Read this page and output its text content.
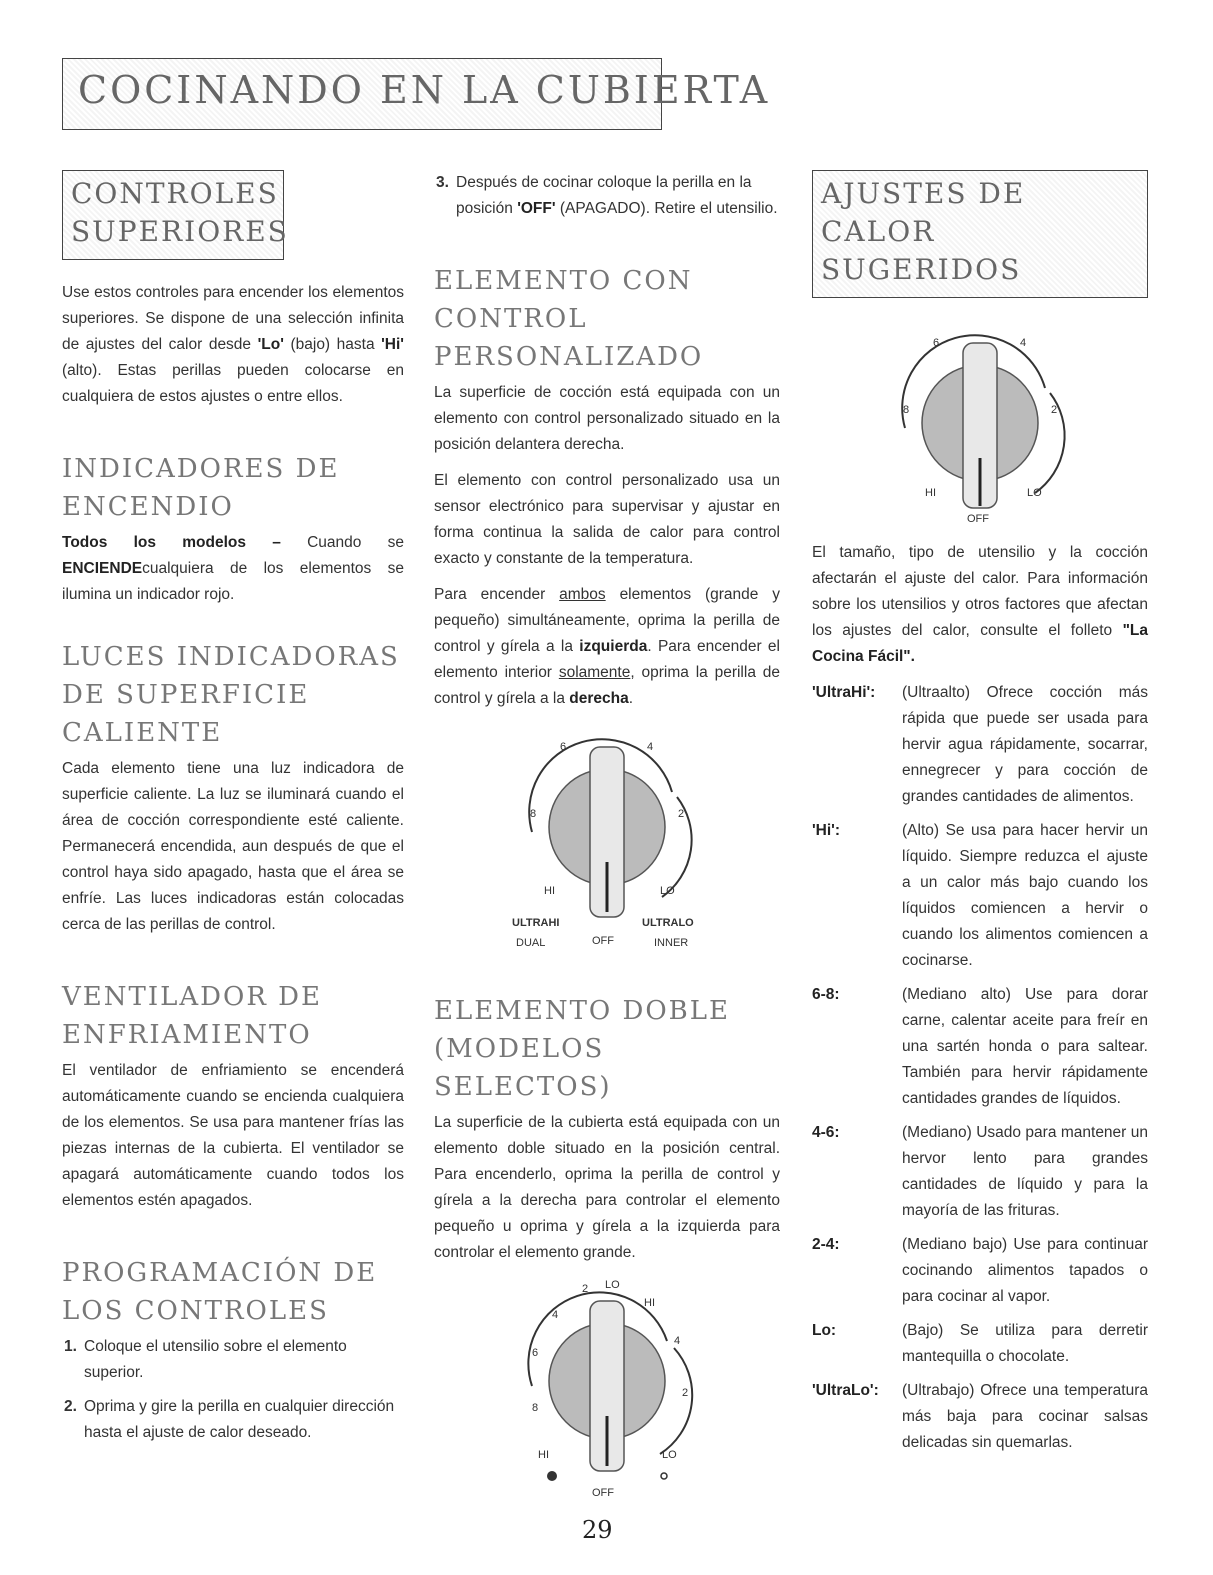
COCINANDO EN LA CUBIERTA
CONTROLES SUPERIORES

Use estos controles para encender los elementos superiores. Se dispone de una selección infinita de ajustes del calor desde 'Lo' (bajo) hasta 'Hi' (alto). Estas perillas pueden colocarse en cualquiera de estos ajustes o entre ellos.

INDICADORES DE ENCENDIO

Todos los modelos – Cuando se ENCIENDEcualquiera de los elementos se ilumina un indicador rojo.

LUCES INDICADORAS DE SUPERFICIE CALIENTE

Cada elemento tiene una luz indicadora de superficie caliente. La luz se iluminará cuando el área de cocción correspondiente esté caliente. Permanecerá encendida, aun después de que el control haya sido apagado, hasta que el área se enfríe. Las luces indicadoras están colocadas cerca de las perillas de control.

VENTILADOR DE ENFRIAMIENTO

El ventilador de enfriamiento se encenderá automáticamente cuando se encienda cualquiera de los elementos. Se usa para mantener frías las piezas internas de la cubierta. El ventilador se apagará automáticamente cuando todos los elementos estén apagados.

PROGRAMACIÓN DE LOS CONTROLES
1. Coloque el utensilio sobre el elemento superior.
2. Oprima y gire la perilla en cualquier dirección hasta el ajuste de calor deseado.
3. Después de cocinar coloque la perilla en la posición 'OFF' (APAGADO). Retire el utensilio.
ELEMENTO CON CONTROL PERSONALIZADO

La superficie de cocción está equipada con un elemento con control personalizado situado en la posición delantera derecha.

El elemento con control personalizado usa un sensor electrónico para supervisar y ajustar en forma continua la salida de calor para control exacto y constante de la temperatura.

Para encender ambos elementos (grande y pequeño) simultáneamente, oprima la perilla de control y gírela a la izquierda. Para encender el elemento interior solamente, oprima la perilla de control y gírela a la derecha.

6	4
8	2
HI	LO
ULTRAHI	ULTRALO
OFF
DUAL	INNER
ELEMENTO DOBLE (MODELOS SELECTOS)

La superficie de la cubierta está equipada con un elemento doble situado en la posición central. Para encenderlo, oprima la perilla de control y gírela a la derecha para controlar el elemento pequeño u oprima y gírela a la izquierda para controlar el elemento grande.

2 LO
HI
4
4
6
2
8
HI	LO
OFF
AJUSTES DE CALOR SUGERIDOS
6	4
8	2
HI	LO
OFF

El tamaño, tipo de utensilio y la cocción afectarán el ajuste del calor. Para información sobre los utensilios y otros factores que afectan los ajustes del calor, consulte el folleto "La Cocina Fácil".

'UltraHi':	(Ultraalto) Ofrece cocción más rápida que puede ser usada para hervir agua rápidamente, socarrar, ennegrecer y para cocción de grandes cantidades de alimentos.
'Hi':	(Alto) Se usa para hacer hervir un líquido. Siempre reduzca el ajuste a un calor más bajo cuando los líquidos comiencen a hervir o cuando los alimentos comiencen a cocinarse.
6-8:	(Mediano alto) Use para dorar carne, calentar aceite para freír en una sartén honda o para saltear. También para hervir rápidamente cantidades grandes de líquidos.
4-6:	(Mediano) Usado para mantener un hervor lento para grandes cantidades de líquido y para la mayoría de las frituras.
2-4:	(Mediano bajo) Use para continuar cocinando alimentos tapados o para cocinar al vapor.
Lo:	(Bajo) Se utiliza para derretir mantequilla o chocolate.
'UltraLo':	(Ultrabajo) Ofrece una temperatura más baja para cocinar salsas delicadas sin quemarlas.
29
